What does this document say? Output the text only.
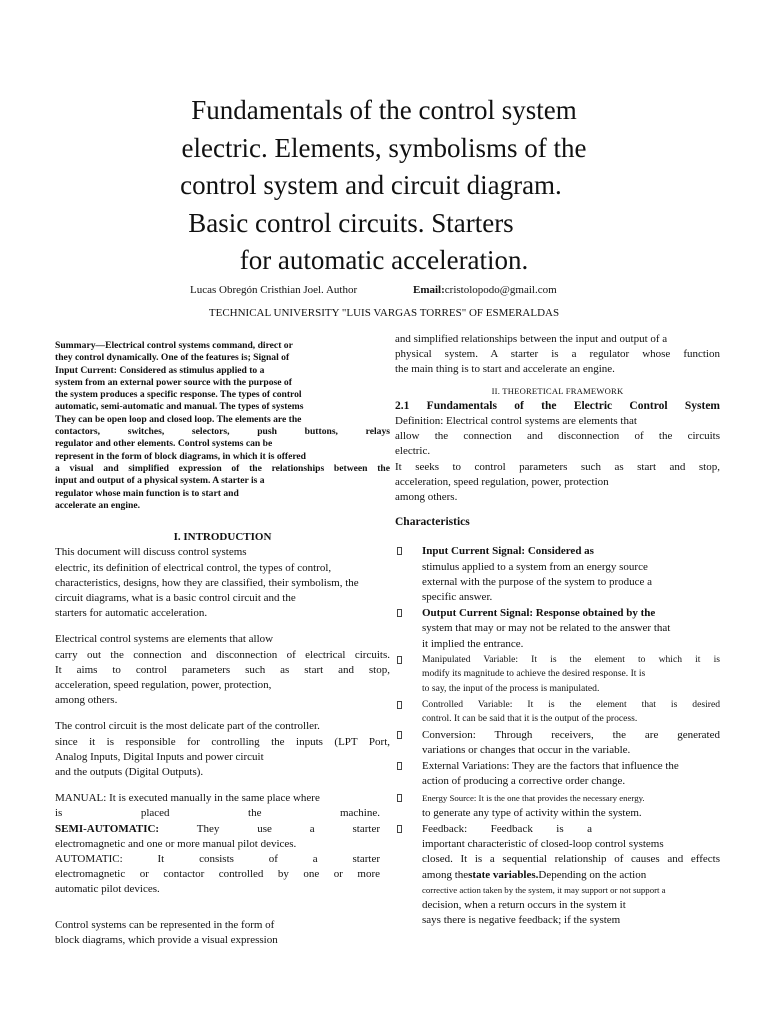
Fundamentals of the control system
electric. Elements, symbolisms of the
control system and circuit diagram.
Basic control circuits. Starters
for automatic acceleration.
Lucas Obregón Cristhian Joel. Author	Email:cristolopodo@gmail.com
TECHNICAL UNIVERSITY "LUIS VARGAS TORRES" OF ESMERALDAS

Summary—Electrical control systems command, direct or
they control dynamically. One of the features is; Signal of
Input Current: Considered as stimulus applied to a
system from an external power source with the purpose of
the system produces a specific response. The types of control
automatic, semi-automatic and manual. The types of systems
They can be open loop and closed loop. The elements are the
contactors, switches, selectors, push buttons, relays
regulator and other elements. Control systems can be
represent in the form of block diagrams, in which it is offered
a visual and simplified expression of the relationships between the
input and output of a physical system. A starter is a
regulator whose main function is to start and
accelerate an engine.

I. INTRODUCTION

This document will discuss control systems
electric, its definition of electrical control, the types of control,
characteristics, designs, how they are classified, their symbolism, the
circuit diagrams, what is a basic control circuit and the
starters for automatic acceleration.

Electrical control systems are elements that allow
carry out the connection and disconnection of electrical circuits.
It aims to control parameters such as start and stop,
acceleration, speed regulation, power, protection,
among others.

The control circuit is the most delicate part of the controller.
since it is responsible for controlling the inputs (LPT Port,
Analog Inputs, Digital Inputs and power circuit
and the outputs (Digital Outputs).

MANUAL: It is executed manually in the same place where
is placed the machine.
SEMI-AUTOMATIC:	They use a starter
electromagnetic and one or more manual pilot devices.
AUTOMATIC: It consists of a starter
electromagnetic or contactor controlled by one or more
automatic pilot devices.

Control systems can be represented in the form of
block diagrams, which provide a visual expression

and simplified relationships between the input and output of a
physical system. A starter is a regulator whose function
the main thing is to start and accelerate an engine.

II. THEORETICAL FRAMEWORK

2.1 Fundamentals of the Electric Control System

Definition: Electrical control systems are elements that
allow the connection and disconnection of the circuits
electric.
It seeks to control parameters such as start and stop,
acceleration, speed regulation, power, protection
among others.

Characteristics

Input Current Signal: Considered as
stimulus applied to a system from an energy source
external with the purpose of the system to produce a
specific answer.
Output Current Signal: Response obtained by the
system that may or may not be related to the answer that
it implied the entrance.
Manipulated Variable: It is the element to which it is
modify its magnitude to achieve the desired response. It is
to say, the input of the process is manipulated.
Controlled Variable: It is the element that is desired
control. It can be said that it is the output of the process.
Conversion: Through receivers, the are generated
variations or changes that occur in the variable.
External Variations: They are the factors that influence the
action of producing a corrective order change.
Energy Source: It is the one that provides the necessary energy.
to generate any type of activity within the system.
Feedback: Feedback is a
important characteristic of closed-loop control systems
closed. It is a sequential relationship of causes and effects
among thestate variables.Depending on the action
corrective action taken by the system, it may support or not support a
decision, when a return occurs in the system it
says there is negative feedback; if the system
